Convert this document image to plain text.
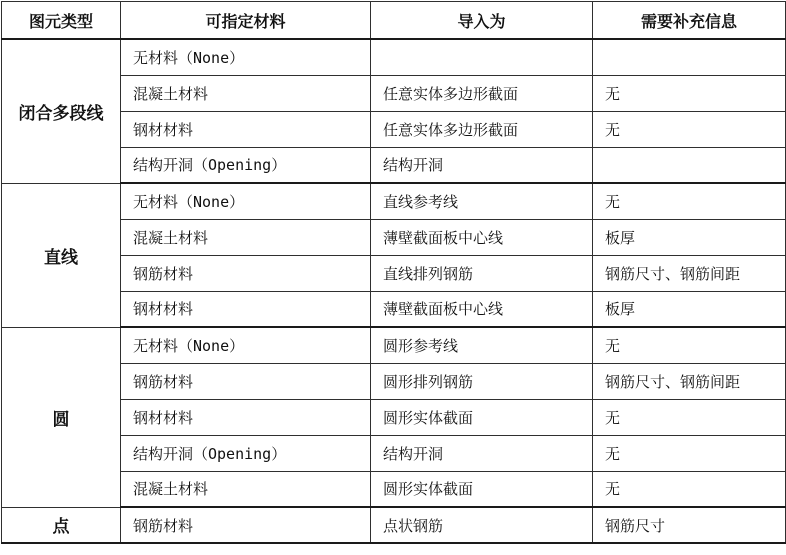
图元类型	可指定材料	导入为	需要补充信息
闭合多段线	无材料（None）		
	混凝土材料	任意实体多边形截面	无
	钢材材料	任意实体多边形截面	无
	结构开洞（Opening）	结构开洞	
直线	无材料（None）	直线参考线	无
	混凝土材料	薄壁截面板中心线	板厚
	钢筋材料	直线排列钢筋	钢筋尺寸、钢筋间距
	钢材材料	薄壁截面板中心线	板厚
圆	无材料（None）	圆形参考线	无
	钢筋材料	圆形排列钢筋	钢筋尺寸、钢筋间距
	钢材材料	圆形实体截面	无
	结构开洞（Opening）	结构开洞	无
	混凝土材料	圆形实体截面	无
点	钢筋材料	点状钢筋	钢筋尺寸
